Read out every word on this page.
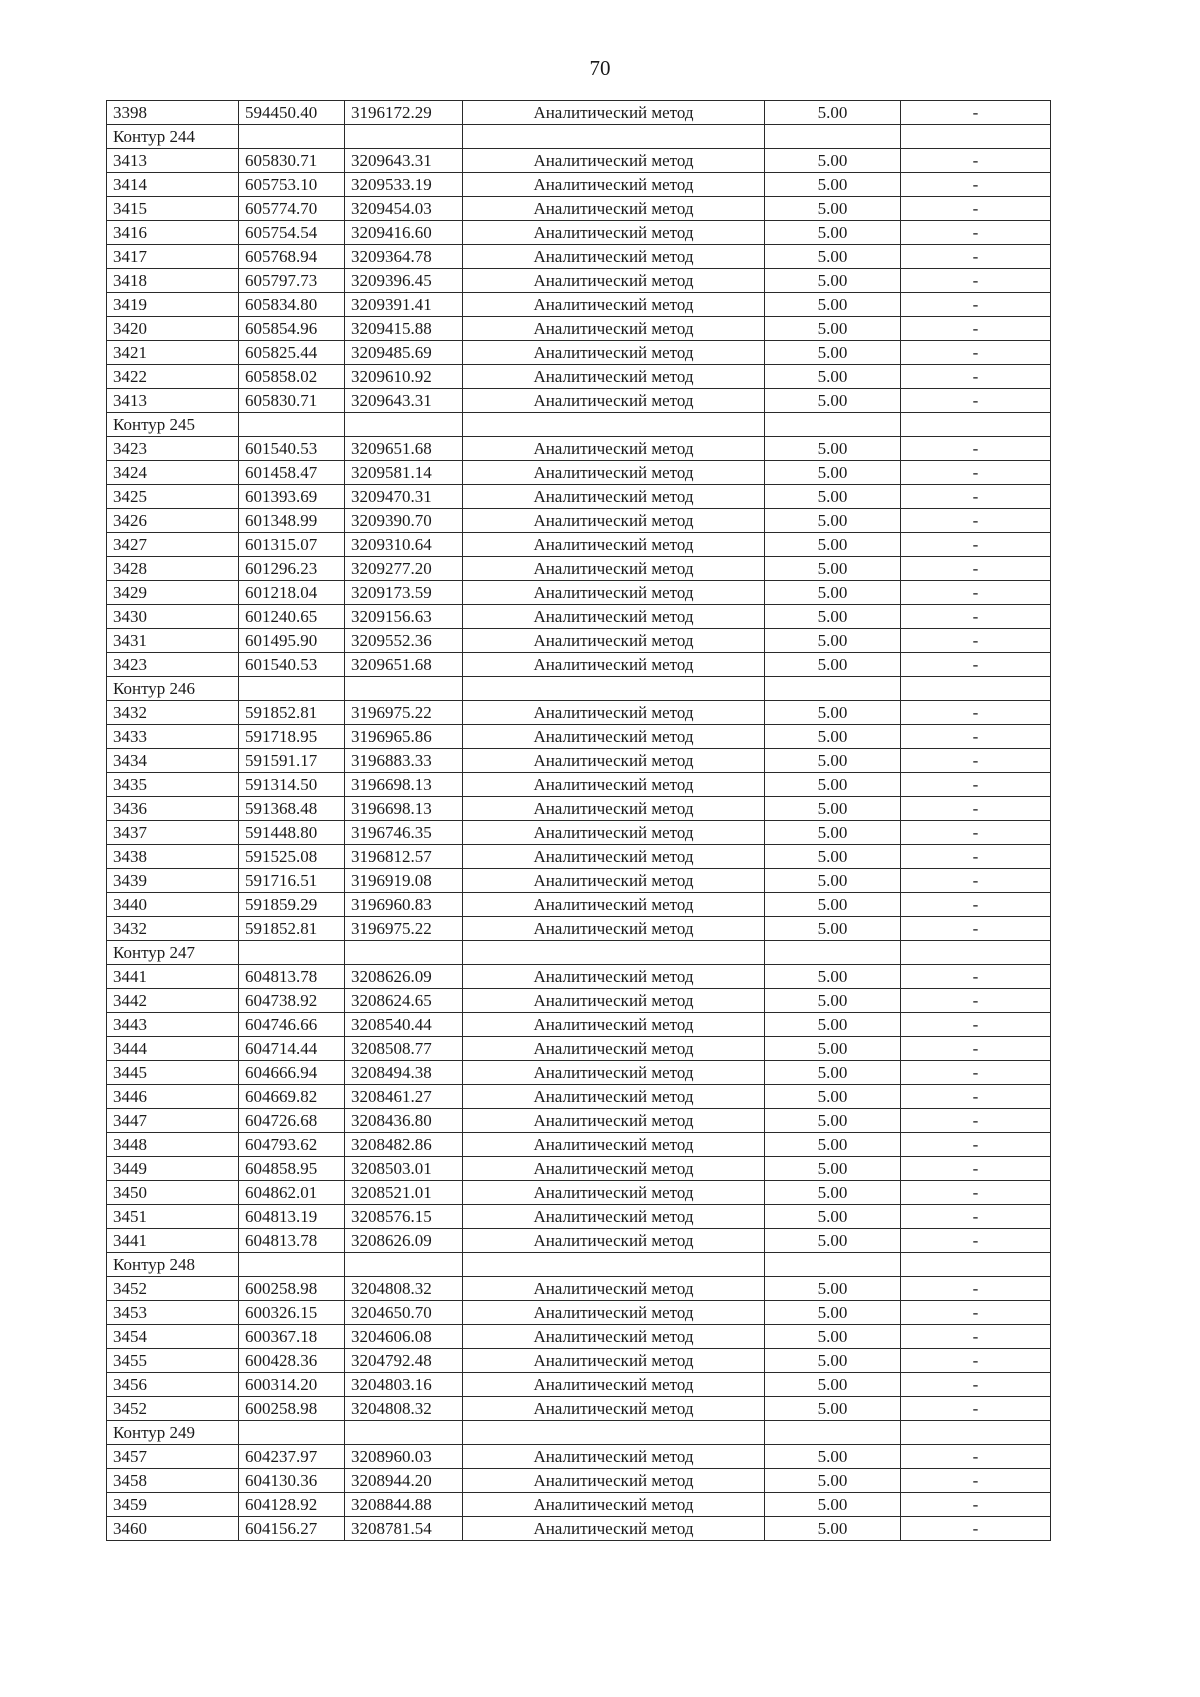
70
3398	594450.40	3196172.29	Аналитический метод	5.00	-
Контур 244					
3413	605830.71	3209643.31	Аналитический метод	5.00	-
3414	605753.10	3209533.19	Аналитический метод	5.00	-
3415	605774.70	3209454.03	Аналитический метод	5.00	-
3416	605754.54	3209416.60	Аналитический метод	5.00	-
3417	605768.94	3209364.78	Аналитический метод	5.00	-
3418	605797.73	3209396.45	Аналитический метод	5.00	-
3419	605834.80	3209391.41	Аналитический метод	5.00	-
3420	605854.96	3209415.88	Аналитический метод	5.00	-
3421	605825.44	3209485.69	Аналитический метод	5.00	-
3422	605858.02	3209610.92	Аналитический метод	5.00	-
3413	605830.71	3209643.31	Аналитический метод	5.00	-
Контур 245					
3423	601540.53	3209651.68	Аналитический метод	5.00	-
3424	601458.47	3209581.14	Аналитический метод	5.00	-
3425	601393.69	3209470.31	Аналитический метод	5.00	-
3426	601348.99	3209390.70	Аналитический метод	5.00	-
3427	601315.07	3209310.64	Аналитический метод	5.00	-
3428	601296.23	3209277.20	Аналитический метод	5.00	-
3429	601218.04	3209173.59	Аналитический метод	5.00	-
3430	601240.65	3209156.63	Аналитический метод	5.00	-
3431	601495.90	3209552.36	Аналитический метод	5.00	-
3423	601540.53	3209651.68	Аналитический метод	5.00	-
Контур 246					
3432	591852.81	3196975.22	Аналитический метод	5.00	-
3433	591718.95	3196965.86	Аналитический метод	5.00	-
3434	591591.17	3196883.33	Аналитический метод	5.00	-
3435	591314.50	3196698.13	Аналитический метод	5.00	-
3436	591368.48	3196698.13	Аналитический метод	5.00	-
3437	591448.80	3196746.35	Аналитический метод	5.00	-
3438	591525.08	3196812.57	Аналитический метод	5.00	-
3439	591716.51	3196919.08	Аналитический метод	5.00	-
3440	591859.29	3196960.83	Аналитический метод	5.00	-
3432	591852.81	3196975.22	Аналитический метод	5.00	-
Контур 247					
3441	604813.78	3208626.09	Аналитический метод	5.00	-
3442	604738.92	3208624.65	Аналитический метод	5.00	-
3443	604746.66	3208540.44	Аналитический метод	5.00	-
3444	604714.44	3208508.77	Аналитический метод	5.00	-
3445	604666.94	3208494.38	Аналитический метод	5.00	-
3446	604669.82	3208461.27	Аналитический метод	5.00	-
3447	604726.68	3208436.80	Аналитический метод	5.00	-
3448	604793.62	3208482.86	Аналитический метод	5.00	-
3449	604858.95	3208503.01	Аналитический метод	5.00	-
3450	604862.01	3208521.01	Аналитический метод	5.00	-
3451	604813.19	3208576.15	Аналитический метод	5.00	-
3441	604813.78	3208626.09	Аналитический метод	5.00	-
Контур 248					
3452	600258.98	3204808.32	Аналитический метод	5.00	-
3453	600326.15	3204650.70	Аналитический метод	5.00	-
3454	600367.18	3204606.08	Аналитический метод	5.00	-
3455	600428.36	3204792.48	Аналитический метод	5.00	-
3456	600314.20	3204803.16	Аналитический метод	5.00	-
3452	600258.98	3204808.32	Аналитический метод	5.00	-
Контур 249					
3457	604237.97	3208960.03	Аналитический метод	5.00	-
3458	604130.36	3208944.20	Аналитический метод	5.00	-
3459	604128.92	3208844.88	Аналитический метод	5.00	-
3460	604156.27	3208781.54	Аналитический метод	5.00	-
